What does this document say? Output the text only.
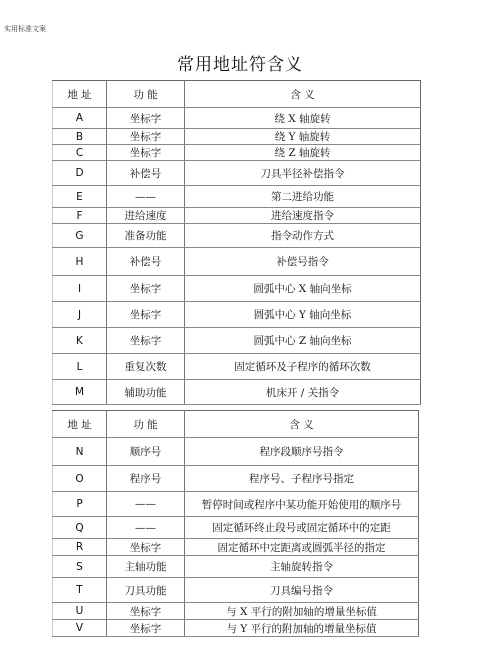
实用标准文案
常用地址符含义
地 址	功 能	含 义
A	坐标字	绕 X 轴旋转
B	坐标字	绕 Y 轴旋转
C	坐标字	绕 Z 轴旋转
D	补偿号	刀具半径补偿指令
E	——	第二进给功能
F	进给速度	进给速度指令
G	准备功能	指令动作方式
H	补偿号	补偿号指令
I	坐标字	圆弧中心 X 轴向坐标
J	坐标字	圆弧中心 Y 轴向坐标
K	坐标字	圆弧中心 Z 轴向坐标
L	重复次数	固定循环及子程序的循环次数
M	辅助功能	机床开 / 关指令
地 址	功 能	含 义
N	顺序号	程序段顺序号指令
O	程序号	程序号、子程序号指定
P	——	暂停时间或程序中某功能开始使用的顺序号
Q	——	固定循环终止段号或固定循环中的定距
R	坐标字	固定循环中定距离或圆弧半径的指定
S	主轴功能	主轴旋转指令
T	刀具功能	刀具编号指令
U	坐标字	与 X 平行的附加轴的增量坐标值
V	坐标字	与 Y 平行的附加轴的增量坐标值
